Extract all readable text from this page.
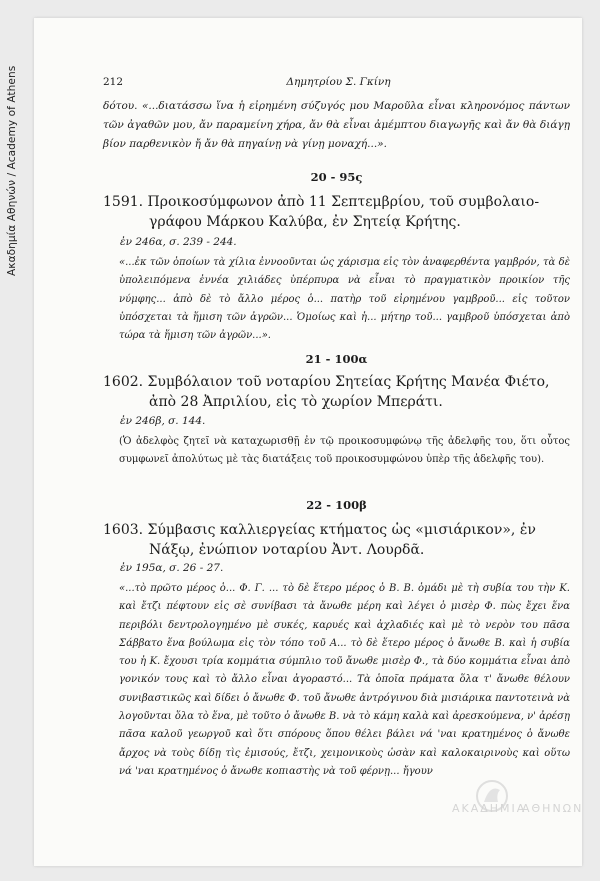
Ακαδημία Αθηνών / Academy of Athens	212	Δημητρίου Σ. Γκίνη
δότου. «...διατάσσω ἵνα ἡ εἰρημένη σύζυγός μου Μαροῦλα εἶναι κληρονόμος πάντων τῶν ἀγαθῶν μου, ἄν παραμείνη χήρα, ἄν θὰ εἶναι ἀμέμπτου διαγωγῆς καὶ ἄν θὰ διάγῃ βίον παρθενικὸν ἤ ἄν θὰ πηγαίνῃ νὰ γίνῃ μοναχή...».
20 - 95ς
1591. Προικοσύμφωνον ἀπὸ 11 Σεπτεμβρίου, τοῦ συμβολαιο-
γράφου Μάρκου Καλύβα, ἐν Σητείᾳ Κρήτης.
ἐν 246α, σ. 239 - 244.
«...ἐκ τῶν ὁποίων τὰ χίλια ἐννοοῦνται ὡς χάρισμα εἰς τὸν ἀναφερθέντα γαμβρόν, τὰ δὲ ὑπολειπόμενα ἐννέα χιλιάδες ὑπέρπυρα νὰ εἶναι τὸ πραγματικὸν προικίον τῆς νύμφης... ἀπὸ δὲ τὸ ἄλλο μέρος ὁ... πατὴρ τοῦ εἰρημένου γαμβροῦ... εἰς τοῦτον ὑπόσχεται τὰ ἥμιση τῶν ἀγρῶν... Ὁμοίως καὶ ἡ... μήτηρ τοῦ... γαμβροῦ ὑπόσχεται ἀπὸ τώρα τὰ ἥμιση τῶν ἀγρῶν...».
21 - 100α
1602. Συμβόλαιον τοῦ νοταρίου Σητείας Κρήτης Μανέα Φιέτο,
ἀπὸ 28 Ἀπριλίου, εἰς τὸ χωρίον Μπεράτι.
ἐν 246β, σ. 144.
(Ὁ ἀδελφὸς ζητεῖ νὰ καταχωρισθῇ ἐν τῷ προικοσυμφώνῳ τῆς ἀδελφῆς του, ὅτι οὗτος συμφωνεῖ ἀπολύτως μὲ τὰς διατάξεις τοῦ προικοσυμφώνου ὑπὲρ τῆς ἀδελφῆς του).
22 - 100β
1603. Σύμβασις καλλιεργείας κτήματος ὡς «μισιάρικον», ἐν
Νάξῳ, ἐνώπιον νοταρίου Ἀντ. Λουρδᾶ.
ἐν 195α, σ. 26 - 27.
«...τὸ πρῶτο μέρος ὁ... Φ. Γ. ... τὸ δὲ ἕτερο μέρος ὁ Β. Β. ὁμάδι μὲ τὴ συβία του τὴν Κ. καὶ ἔτζι πέφτουν εἰς σὲ συνίβασι τὰ ἄνωθε μέρη καὶ λέγει ὁ μισὲρ Φ. πὼς ἔχει ἕνα περιβόλι δεντρολογημένο μὲ συκές, καρυές καὶ ἀχλαδιές καὶ μὲ τὸ νερὸν του πᾶσα Σάββατο ἕνα βούλωμα εἰς τὸν τόπο τοῦ Α... τὸ δὲ ἕτερο μέρος ὁ ἄνωθε Β. καὶ ἡ συβία του ἡ Κ. ἔχουσι τρία κομμάτια σύμπλιο τοῦ ἄνωθε μισὲρ Φ., τὰ δύο κομμάτια εἶναι ἀπὸ γονικόν τους καὶ τὸ ἄλλο εἶναι ἀγοραστό... Τὰ ὁποῖα πράματα ὅλα τ' ἄνωθε θέλουν συνιβαστικῶς καὶ δίδει ὁ ἄνωθε Φ. τοῦ ἄνωθε ἀντρόγινου διὰ μισιάρικα παντοτεινὰ νὰ λογοῦνται ὅλα τὸ ἕνα, μὲ τοῦτο ὁ ἄνωθε Β. νὰ τὸ κάμη καλὰ καὶ ἀρεσκούμενα, ν' ἀρέσῃ πᾶσα καλοῦ γεωργοῦ καὶ ὅτι σπόρους ὅπου θέλει βάλει νά 'ναι κρατημένος ὁ ἄνωθε ἄρχος νὰ τοὺς δίδῃ τὶς ἐμισούς, ἔτζι, χειμονικοὺς ὡσὰν καὶ καλοκαιρινοὺς καὶ οὕτω νά 'ναι κρατημένος ὁ ἄνωθε κοπιαστὴς νὰ τοῦ φέρνῃ... ἤγουν
ΑΚΑΔΗΜΙΑ
ΑΘΗΝΩΝ
